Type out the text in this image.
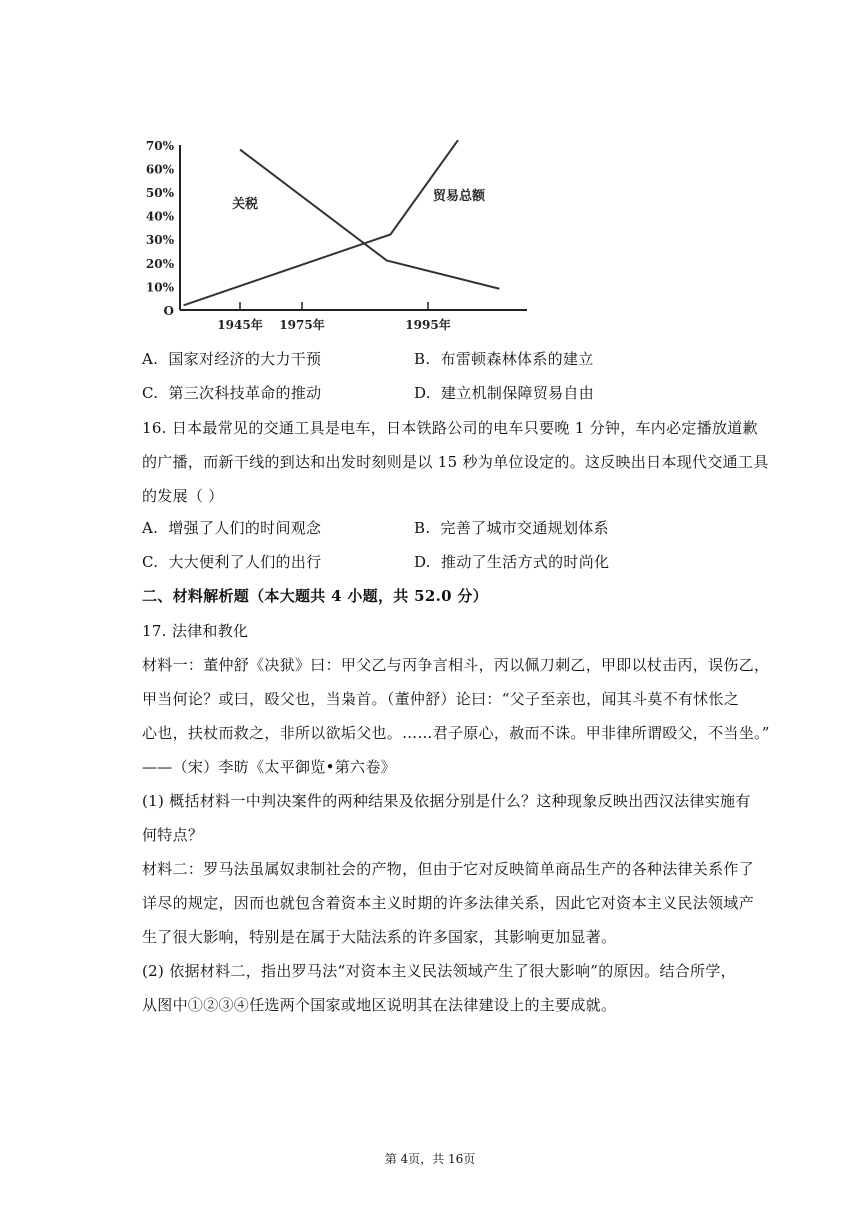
O
10%
20%
30%
40%
50%
60%
70%
1945年 1975年	1995年
关税
贸易总额
A. 国家对经济的大力干预	B. 布雷顿森林体系的建立
C. 第三次科技革命的推动	D. 建立机制保障贸易自由
16. 日本最常见的交通工具是电车，日本铁路公司的电车只要晚 1 分钟，车内必定播放道歉
的广播，而新干线的到达和出发时刻则是以 15 秒为单位设定的。这反映出日本现代交通工具
的发展（ ）
A. 增强了人们的时间观念	B. 完善了城市交通规划体系
C. 大大便利了人们的出行	D. 推动了生活方式的时尚化
二、材料解析题（本大题共 4 小题，共 52.0 分）
17. 法律和教化
材料一：董仲舒《决狱》曰：甲父乙与丙争言相斗，丙以佩刀刺乙，甲即以杖击丙，误伤乙，
甲当何论？或曰，殴父也，当枭首。（董仲舒）论曰：“父子至亲也，闻其斗莫不有怵怅之
心也，扶杖而救之，非所以欲垢父也。……君子原心，赦而不诛。甲非律所谓殴父，不当坐。”
——（宋）李昉《太平御览•第六卷》
(1) 概括材料一中判决案件的两种结果及依据分别是什么？这种现象反映出西汉法律实施有
何特点？
材料二：罗马法虽属奴隶制社会的产物，但由于它对反映简单商品生产的各种法律关系作了
详尽的规定，因而也就包含着资本主义时期的许多法律关系，因此它对资本主义民法领域产
生了很大影响，特别是在属于大陆法系的许多国家，其影响更加显著。
(2) 依据材料二，指出罗马法“对资本主义民法领域产生了很大影响”的原因。结合所学，
从图中①②③④任选两个国家或地区说明其在法律建设上的主要成就。
第 4页，共 16页
